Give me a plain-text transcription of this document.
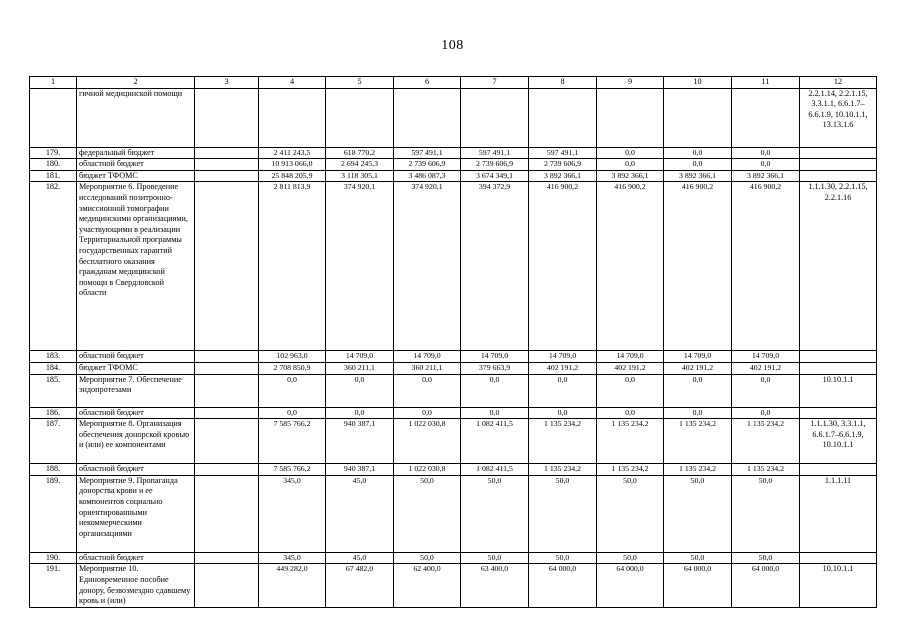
108
1	2	3	4	5	6	7	8	9	10	11	12
	гичной медицинской помощи										2.2.1.14, 2.2.1.15, 3.3.1.1, 6.6.1.7–6.6.1.9, 10.10.1.1, 13.13.1.6
179.	федеральный бюджет		2 411 243,5	618 770,2	597 491,1	597 491,1	597 491,1	0,0	0,0	0,0	
180.	областной бюджет		10 913 066,0	2 694 245,3	2 739 606,9	2 739 606,9	2 739 606,9	0,0	0,0	0,0	
181.	бюджет ТФОМС		25 848 205,9	3 118 305,1	3 486 087,3	3 674 349,1	3 892 366,1	3 892 366,1	3 892 366,1	3 892 366,1	
182.	Мероприятие 6. Проведение исследований позитронно-эмиссионной томографии медицинскими организациями, участвующими в реализации Территориальной программы государственных гарантий бесплатного оказания гражданам медицинской помощи в Свердловской области		2 811 813,9	374 920,1	374 920,1	394 372,9	416 900,2	416 900,2	416 900,2	416 900,2	1.1.1.30, 2.2.1.15, 2.2.1.16
183.	областной бюджет		102 963,0	14 709,0	14 709,0	14 709,0	14 709,0	14 709,0	14 709,0	14 709,0	
184.	бюджет ТФОМС		2 708 850,9	360 211,1	360 211,1	379 663,9	402 191,2	402 191,2	402 191,2	402 191,2	
185.	Мероприятие 7. Обеспечение эндопротезами		0,0	0,0	0,0	0,0	0,0	0,0	0,0	0,0	10.10.1.1
186.	областной бюджет		0,0	0,0	0,0	0,0	0,0	0,0	0,0	0,0	
187.	Мероприятие 8. Организация обеспечения донорской кровью и (или) ее компонентами		7 585 766,2	940 387,1	1 022 030,8	1 082 411,5	1 135 234,2	1 135 234,2	1 135 234,2	1 135 234,2	1.1.1.30, 3.3.1.1, 6.6.1.7–6.6.1.9, 10.10.1.1
188.	областной бюджет		7 585 766,2	940 387,1	1 022 030,8	1 082 411,5	1 135 234,2	1 135 234,2	1 135 234,2	1 135 234,2	
189.	Мероприятие 9. Пропаганда донорства крови и ее компонентов социально ориентированными некоммерческими организациями		345,0	45,0	50,0	50,0	50,0	50,0	50,0	50,0	1.1.1.11
190.	областной бюджет		345,0	45,0	50,0	50,0	50,0	50,0	50,0	50,0	
191.	Мероприятие 10. Единовременное пособие донору, безвозмездно сдавшему кровь и (или)		449 282,0	67 482,0	62 400,0	63 400,0	64 000,0	64 000,0	64 000,0	64 000,0	10.10.1.1
